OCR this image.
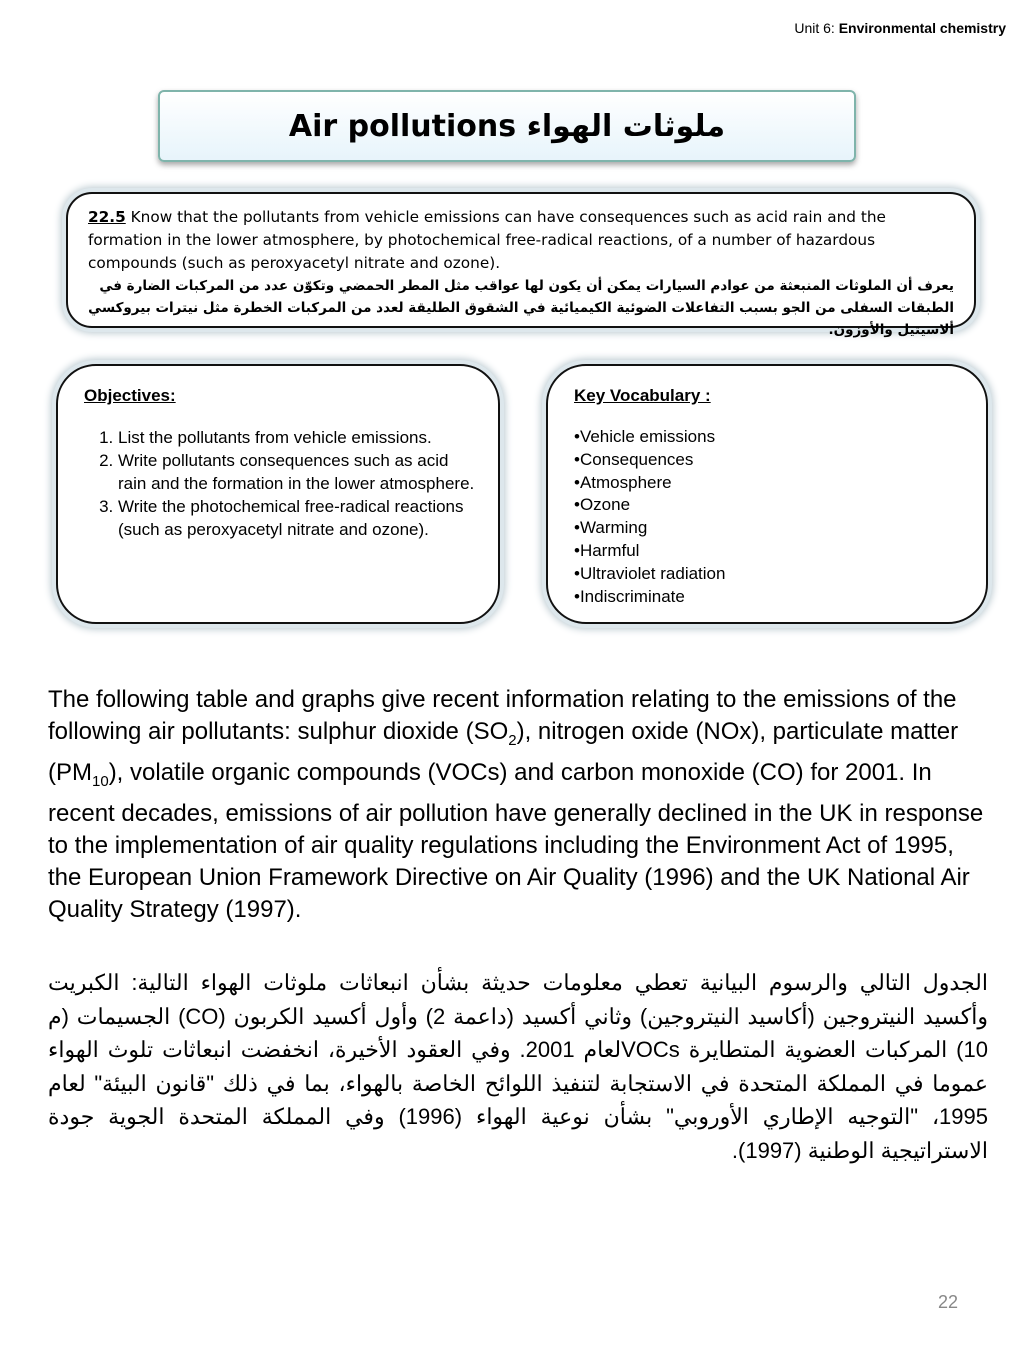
Unit 6: Environmental chemistry
Air pollutions ملوثات الهواء
22.5 Know that the pollutants from vehicle emissions can have consequences such as acid rain and the formation in the lower atmosphere, by photochemical free-radical reactions, of a number of hazardous compounds (such as peroxyacetyl nitrate and ozone).
يعرف أن الملوثات المنبعثة من عوادم السيارات يمكن أن يكون لها عواقب مثل المطر الحمضي وتكوّن عدد من المركبات الضارة في الطبقات السفلى من الجو بسبب التفاعلات الضوئية الكيميائية في الشقوق الطليقة لعدد من المركبات الخطرة مثل نيترات بيروكسي ألاسيتيل والأوزون.
Objectives:
1. List the pollutants from vehicle emissions.
2. Write pollutants consequences such as acid rain and the formation in the lower atmosphere.
3. Write the photochemical free-radical reactions (such as peroxyacetyl nitrate and ozone).
Key Vocabulary :
•Vehicle emissions
•Consequences
•Atmosphere
•Ozone
•Warming
•Harmful
•Ultraviolet radiation
•Indiscriminate
The following table and graphs give recent information relating to the emissions of the following air pollutants: sulphur dioxide $(SO_2)$, nitrogen oxide (NOx), particulate matter $(PM_{10})$, volatile organic compounds (VOCs) and carbon monoxide (CO) for 2001. In recent decades, emissions of air pollution have generally declined in the UK in response to the implementation of air quality regulations including the Environment Act of 1995, the European Union Framework Directive on Air Quality (1996) and the UK National Air Quality Strategy (1997).
الجدول التالي والرسوم البيانية تعطي معلومات حديثة بشأن انبعاثات ملوثات الهواء التالية: الكبريت وأكسيد النيتروجين (أكاسيد النيتروجين) وثاني أكسيد (داعمة 2) وأول أكسيد الكربون (CO) الجسيمات (م 10) المركبات العضوية المتطايرة VOCsلعام 2001. وفي العقود الأخيرة، انخفضت انبعاثات تلوث الهواء عموما في المملكة المتحدة في الاستجابة لتنفيذ اللوائح الخاصة بالهواء، بما في ذلك "قانون البيئة" لعام 1995، "التوجيه الإطاري الأوروبي" بشأن نوعية الهواء (1996) وفي المملكة المتحدة الجوية جودة الاستراتيجية الوطنية (1997).
22
